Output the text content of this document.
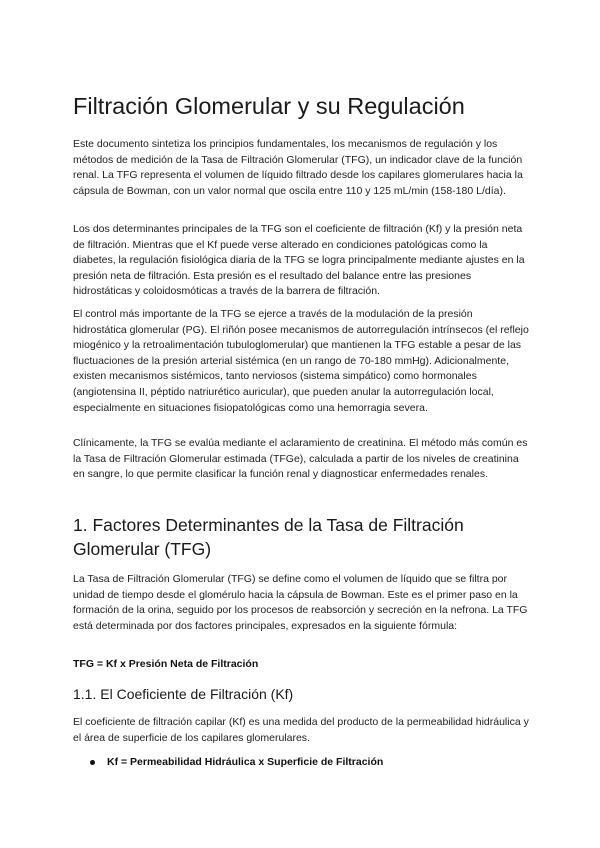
Filtración Glomerular y su Regulación

Este documento sintetiza los principios fundamentales, los mecanismos de regulación y los métodos de medición de la Tasa de Filtración Glomerular (TFG), un indicador clave de la función renal. La TFG representa el volumen de líquido filtrado desde los capilares glomerulares hacia la cápsula de Bowman, con un valor normal que oscila entre 110 y 125 mL/min (158-180 L/día).

Los dos determinantes principales de la TFG son el coeficiente de filtración (Kf) y la presión neta de filtración. Mientras que el Kf puede verse alterado en condiciones patológicas como la diabetes, la regulación fisiológica diaria de la TFG se logra principalmente mediante ajustes en la presión neta de filtración. Esta presión es el resultado del balance entre las presiones hidrostáticas y coloidosmóticas a través de la barrera de filtración.

El control más importante de la TFG se ejerce a través de la modulación de la presión hidrostática glomerular (PG). El riñón posee mecanismos de autorregulación intrínsecos (el reflejo miogénico y la retroalimentación tubuloglomerular) que mantienen la TFG estable a pesar de las fluctuaciones de la presión arterial sistémica (en un rango de 70-180 mmHg). Adicionalmente, existen mecanismos sistémicos, tanto nerviosos (sistema simpático) como hormonales (angiotensina II, péptido natriurético auricular), que pueden anular la autorregulación local, especialmente en situaciones fisiopatológicas como una hemorragia severa.

Clínicamente, la TFG se evalúa mediante el aclaramiento de creatinina. El método más común es la Tasa de Filtración Glomerular estimada (TFGe), calculada a partir de los niveles de creatinina en sangre, lo que permite clasificar la función renal y diagnosticar enfermedades renales.

1. Factores Determinantes de la Tasa de Filtración Glomerular (TFG)

La Tasa de Filtración Glomerular (TFG) se define como el volumen de líquido que se filtra por unidad de tiempo desde el glomérulo hacia la cápsula de Bowman. Este es el primer paso en la formación de la orina, seguido por los procesos de reabsorción y secreción en la nefrona. La TFG está determinada por dos factores principales, expresados en la siguiente fórmula:

TFG = Kf x Presión Neta de Filtración

1.1. El Coeficiente de Filtración (Kf)

El coeficiente de filtración capilar (Kf) es una medida del producto de la permeabilidad hidráulica y el área de superficie de los capilares glomerulares.

Kf = Permeabilidad Hidráulica x Superficie de Filtración
